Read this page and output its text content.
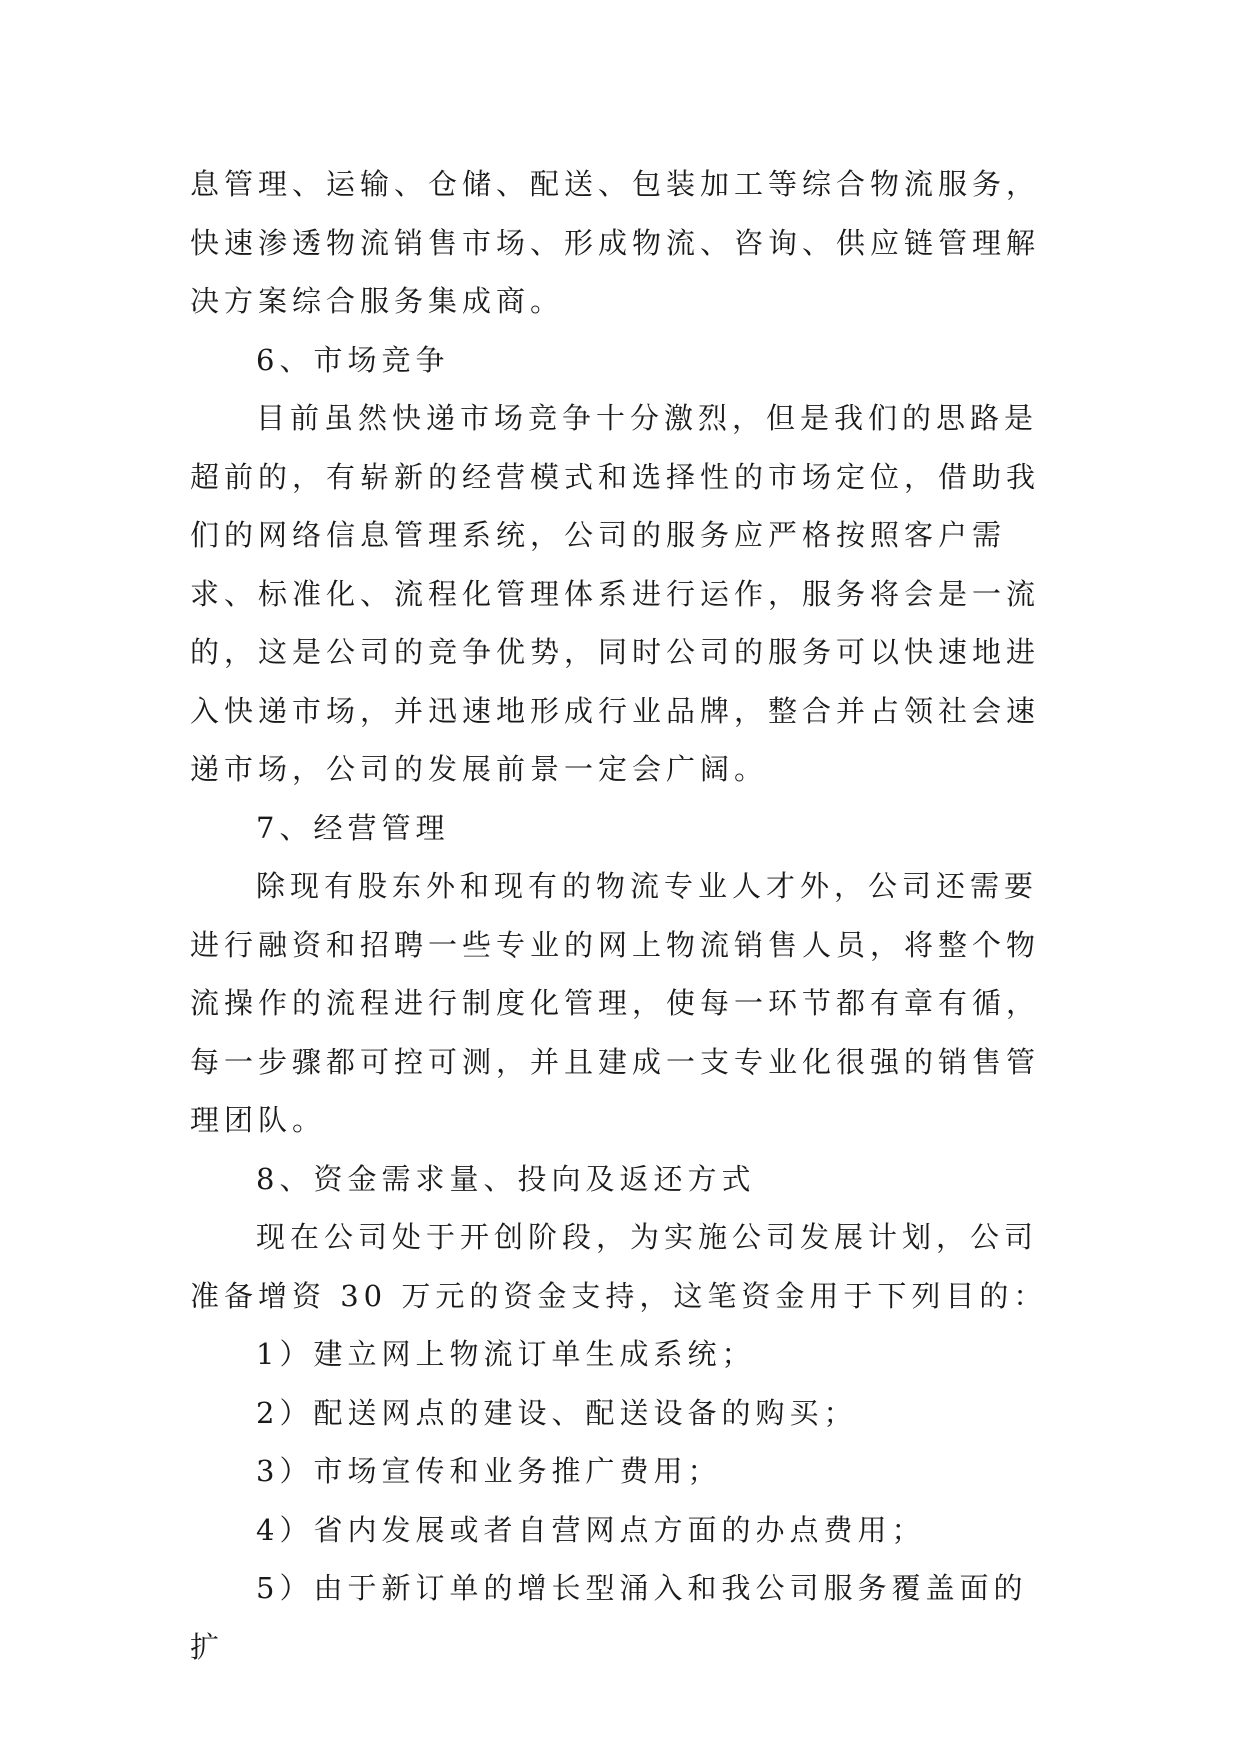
息管理、运输、仓储、配送、包装加工等综合物流服务，快速渗透物流销售市场、形成物流、咨询、供应链管理解决方案综合服务集成商。

6、市场竞争

目前虽然快递市场竞争十分激烈，但是我们的思路是超前的，有崭新的经营模式和选择性的市场定位，借助我们的网络信息管理系统，公司的服务应严格按照客户需求、标准化、流程化管理体系进行运作，服务将会是一流的，这是公司的竞争优势，同时公司的服务可以快速地进入快递市场，并迅速地形成行业品牌，整合并占领社会速递市场，公司的发展前景一定会广阔。

7、经营管理

除现有股东外和现有的物流专业人才外，公司还需要进行融资和招聘一些专业的网上物流销售人员，将整个物流操作的流程进行制度化管理，使每一环节都有章有循，每一步骤都可控可测，并且建成一支专业化很强的销售管理团队。

8、资金需求量、投向及返还方式

现在公司处于开创阶段，为实施公司发展计划，公司准备增资 30 万元的资金支持，这笔资金用于下列目的：

1）建立网上物流订单生成系统；

2）配送网点的建设、配送设备的购买；

3）市场宣传和业务推广费用；

4）省内发展或者自营网点方面的办点费用；

5）由于新订单的增长型涌入和我公司服务覆盖面的扩
